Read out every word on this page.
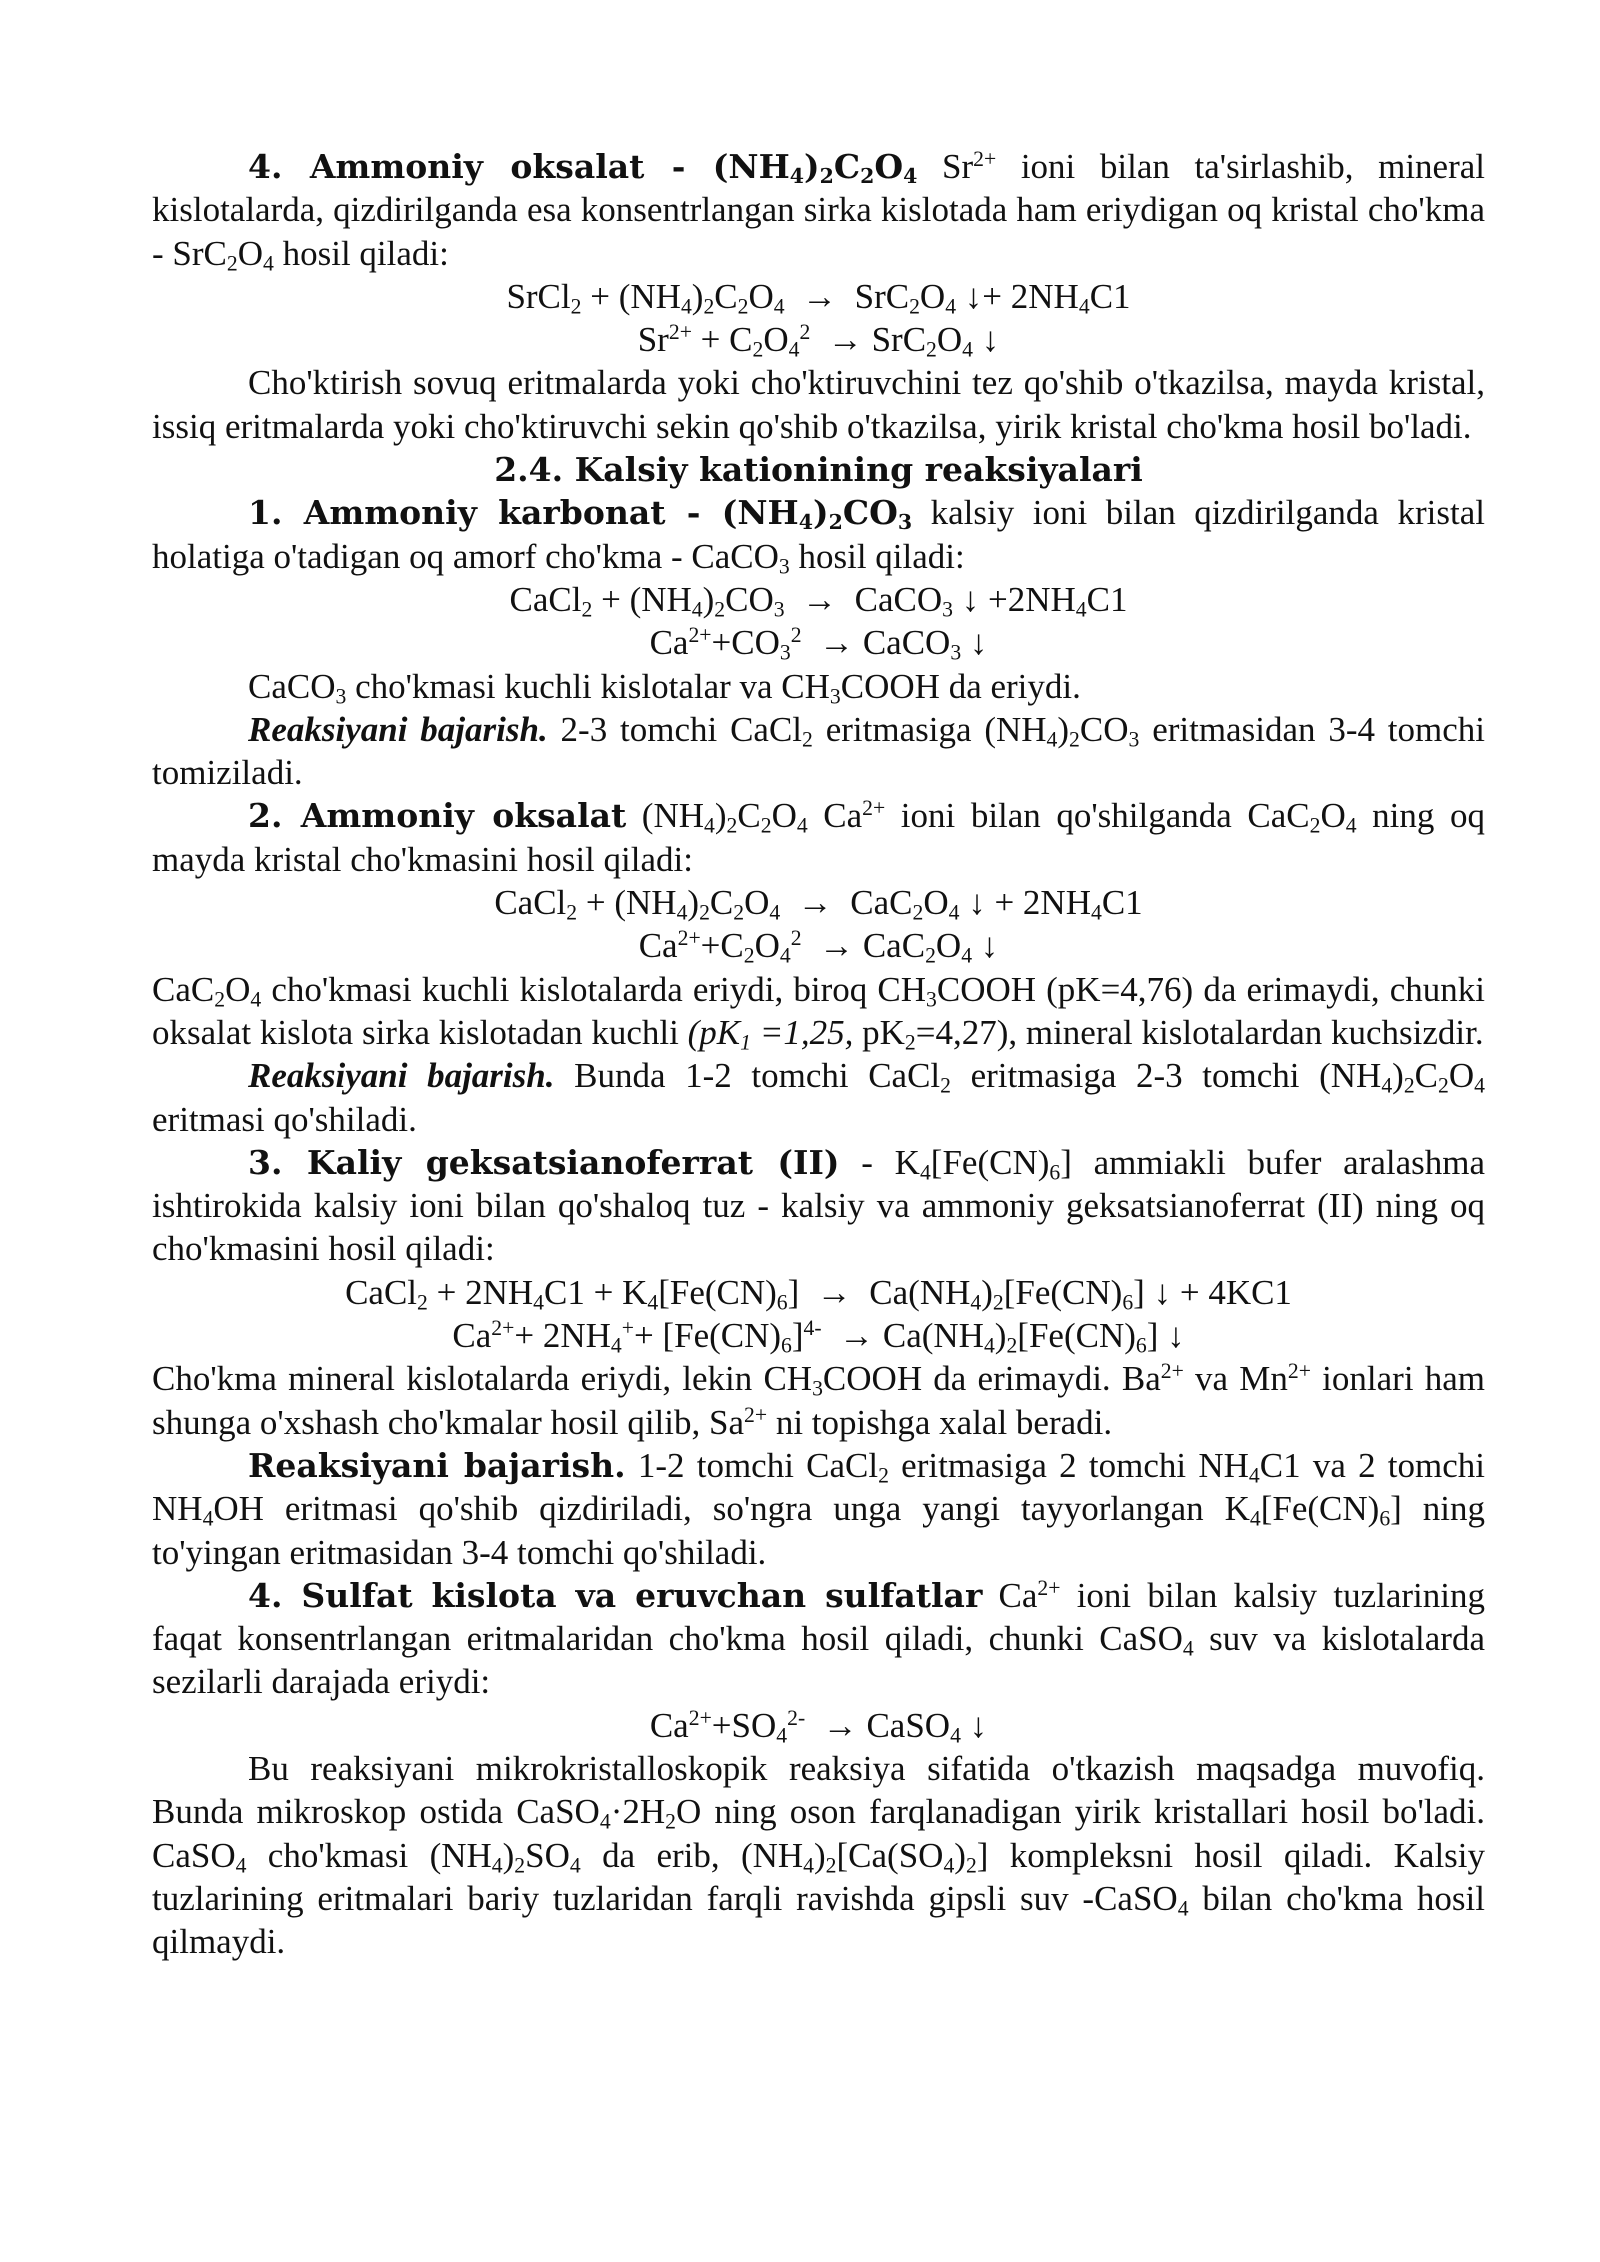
4. Ammoniy oksalat - $(NH_4)_2C_2O_4$ $Sr^{2+}$ ioni bilan ta'sirlashib, mineral kislotalarda, qizdirilganda esa konsentrlangan sirka kislotada ham eriydigan oq kristal $cho'kma - SrC_2O_4$ hosil qiladi:

SrCl$_2$ + $(NH_4)_2C_2O_4 \to SrC_2O_4$ ↓+ $2NH_4C1$

$Sr^{2+} + C_2O_4^2 \to SrC_2O_4$ ↓

Cho'ktirish sovuq eritmalarda yoki cho'ktiruvchini tez qo'shib o'tkazilsa, mayda kristal, issiq eritmalarda yoki cho'ktiruvchi sekin qo'shib o'tkazilsa, yirik kristal cho'kma hosil bo'ladi.

2.4. Kalsiy kationining reaksiyalari

1. Ammoniy karbonat - $(NH_4)_2CO_3$ kalsiy ioni bilan qizdirilganda kristal holatiga o'tadigan oq amorf cho'kma - CaCO$_3$ hosil qiladi:

CaCl$_2$ + $(NH_4)_2CO_3$  →  CaCO$_3$ ↓ $+2NH_4C1$

$Ca^{2+}+CO_3^2$  → CaCO$_3$ ↓

CaCO$_3$ cho'kmasi kuchli kislotalar va $CH_3COOH$ da eriydi.

Reaksiyani bajarish. 2-3 tomchi CaCl$_2$ eritmasiga $(NH_4)_2CO_3$ eritmasidan 3-4 tomchi tomiziladi.

2. Ammoniy oksalat $(NH_4)_2C_2O_4$ $Ca^{2+}$ ioni bilan qo'shilganda $CaC_2O_4$ ning oq mayda kristal cho'kmasini hosil qiladi:

CaCl$_2$ + $(NH_4)_2C_2O_4 \to CaC_2O_4$ ↓ + $2NH_4C1$

$Ca^{2+}+C_2O_4^2 \to CaC_2O_4$ ↓

$CaC_2O_4$ cho'kmasi kuchli kislotalarda eriydi, biroq $CH_3COOH$ (pK=4,76) da erimaydi, chunki oksalat kislota sirka kislotadan kuchli ($pK_1 =1,25$, $pK_2=4,27$), mineral kislotalardan kuchsizdir.

Reaksiyani bajarish. Bunda 1-2 tomchi CaCl$_2$ eritmasiga 2-3 tomchi $(NH_4)_2C_2O_4$ eritmasi qo'shiladi.

3. Kaliy geksatsianoferrat $(II) - K_4[Fe(CN)_6]$ ammiakli bufer aralashma ishtirokida kalsiy ioni bilan qo'shaloq tuz - kalsiy va ammoniy geksatsianoferrat (II) ning oq cho'kmasini hosil qiladi:

CaCl$_2$ + $2NH_4C1 + K_4[Fe(CN)_6] \to Ca(NH_4)_2[Fe(CN)_6]$ ↓ + 4KC1

$Ca^{2+}+ 2NH_4^++ [Fe(CN)_6]^{4-} \to Ca(NH_4)_2[Fe(CN)_6]$ ↓

Cho'kma mineral kislotalarda eriydi, lekin $CH_3COOH$ da erimaydi. $Ba^{2+}$ va $Mn^{2+}$ ionlari ham shunga o'xshash cho'kmalar hosil qilib, $Sa^{2+}$ ni topishga xalal beradi.

Reaksiyani bajarish. 1-2 tomchi CaCl$_2$ eritmasiga 2 tomchi $NH_4C1$ va 2 tomchi $NH_4OH$ eritmasi qo'shib qizdiriladi, so'ngra unga yangi tayyorlangan $K_4[Fe(CN)_6]$ ning to'yingan eritmasidan 3-4 tomchi qo'shiladi.

4. Sulfat kislota va eruvchan sulfatlar $Ca^{2+}$ ioni bilan kalsiy tuzlarining faqat konsentrlangan eritmalaridan cho'kma hosil qiladi, chunki CaSO$_4$ suv va kislotalarda sezilarli darajada eriydi:

$Ca^{2+}+SO_4^{2-}$  → CaSO$_4$ ↓

Bu reaksiyani mikrokristalloskopik reaksiya sifatida o'tkazish maqsadga muvofiq. Bunda mikroskop ostida $CaSO_4\cdot 2H_2O$ ning oson farqlanadigan yirik kristallari hosil bo'ladi. CaSO$_4$ cho'kmasi $(NH_4)_2SO_4$ da erib, $(NH_4)_2[Ca(SO_4)_2]$ kompleksni hosil qiladi. Kalsiy tuzlarining eritmalari bariy tuzlaridan farqli ravishda gipsli suv -CaSO$_4$ bilan cho'kma hosil qilmaydi.
